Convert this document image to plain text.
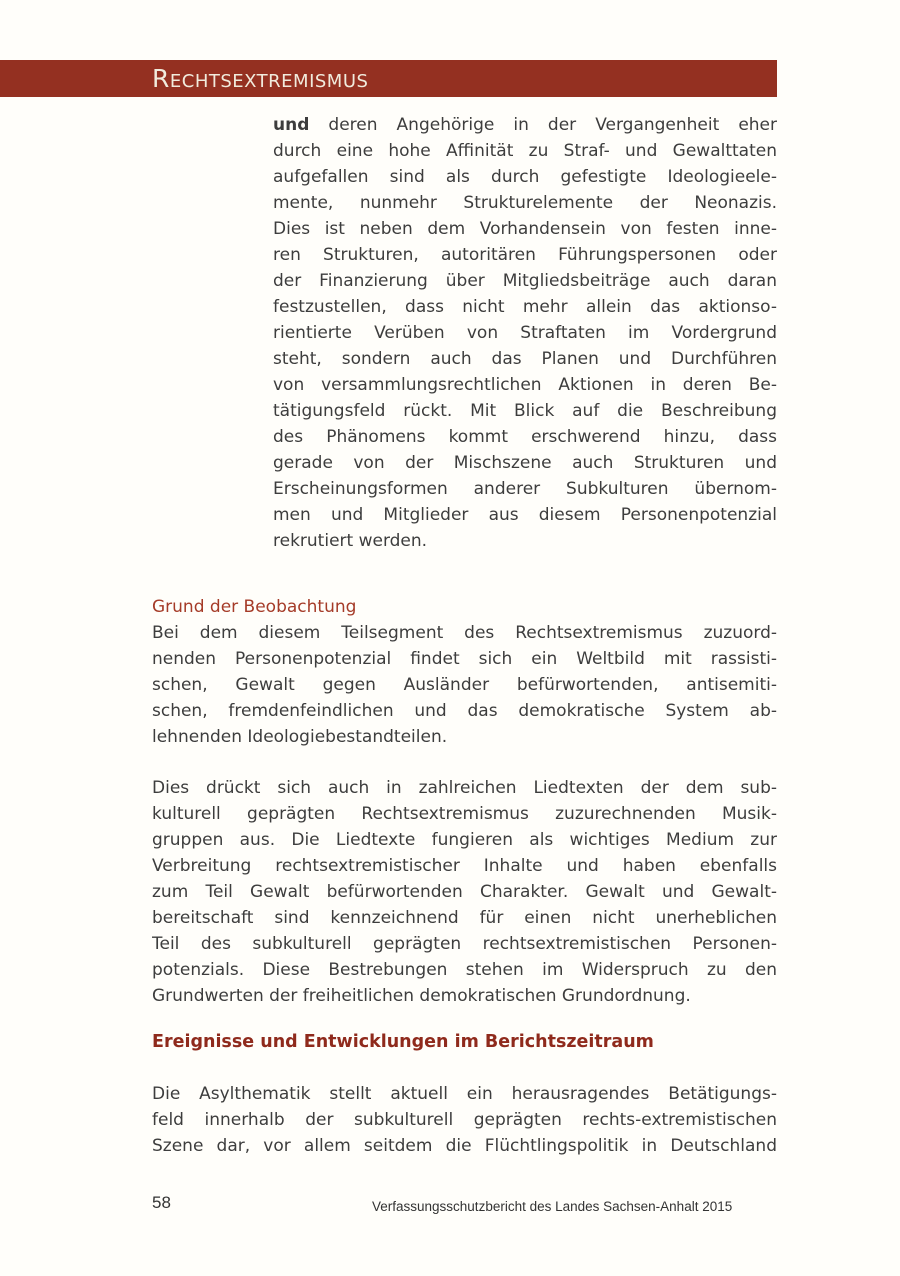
RECHTSEXTREMISMUS
und deren Angehörige in der Vergangenheit eher
durch eine hohe Affinität zu Straf- und Gewalttaten
aufgefallen sind als durch gefestigte Ideologieele-
mente, nunmehr Strukturelemente der Neonazis.
Dies ist neben dem Vorhandensein von festen inne-
ren Strukturen, autoritären Führungspersonen oder
der Finanzierung über Mitgliedsbeiträge auch daran
festzustellen, dass nicht mehr allein das aktionso-
rientierte Verüben von Straftaten im Vordergrund
steht, sondern auch das Planen und Durchführen
von versammlungsrechtlichen Aktionen in deren Be-
tätigungsfeld rückt. Mit Blick auf die Beschreibung
des Phänomens kommt erschwerend hinzu, dass
gerade von der Mischszene auch Strukturen und
Erscheinungsformen anderer Subkulturen übernom-
men und Mitglieder aus diesem Personenpotenzial
rekrutiert werden.
Grund der Beobachtung
Bei dem diesem Teilsegment des Rechtsextremismus zuzuord-
nenden Personenpotenzial findet sich ein Weltbild mit rassisti-
schen, Gewalt gegen Ausländer befürwortenden, antisemiti-
schen, fremdenfeindlichen und das demokratische System ab-
lehnenden Ideologiebestandteilen.
Dies drückt sich auch in zahlreichen Liedtexten der dem sub-
kulturell geprägten Rechtsextremismus zuzurechnenden Musik-
gruppen aus. Die Liedtexte fungieren als wichtiges Medium zur
Verbreitung rechtsextremistischer Inhalte und haben ebenfalls
zum Teil Gewalt befürwortenden Charakter. Gewalt und Gewalt-
bereitschaft sind kennzeichnend für einen nicht unerheblichen
Teil des subkulturell geprägten rechtsextremistischen Personen-
potenzials. Diese Bestrebungen stehen im Widerspruch zu den
Grundwerten der freiheitlichen demokratischen Grundordnung.
Ereignisse und Entwicklungen im Berichtszeitraum
Die Asylthematik stellt aktuell ein herausragendes Betätigungs-
feld innerhalb der subkulturell geprägten rechts-extremistischen
Szene dar, vor allem seitdem die Flüchtlingspolitik in Deutschland
58	Verfassungsschutzbericht des Landes Sachsen-Anhalt 2015
